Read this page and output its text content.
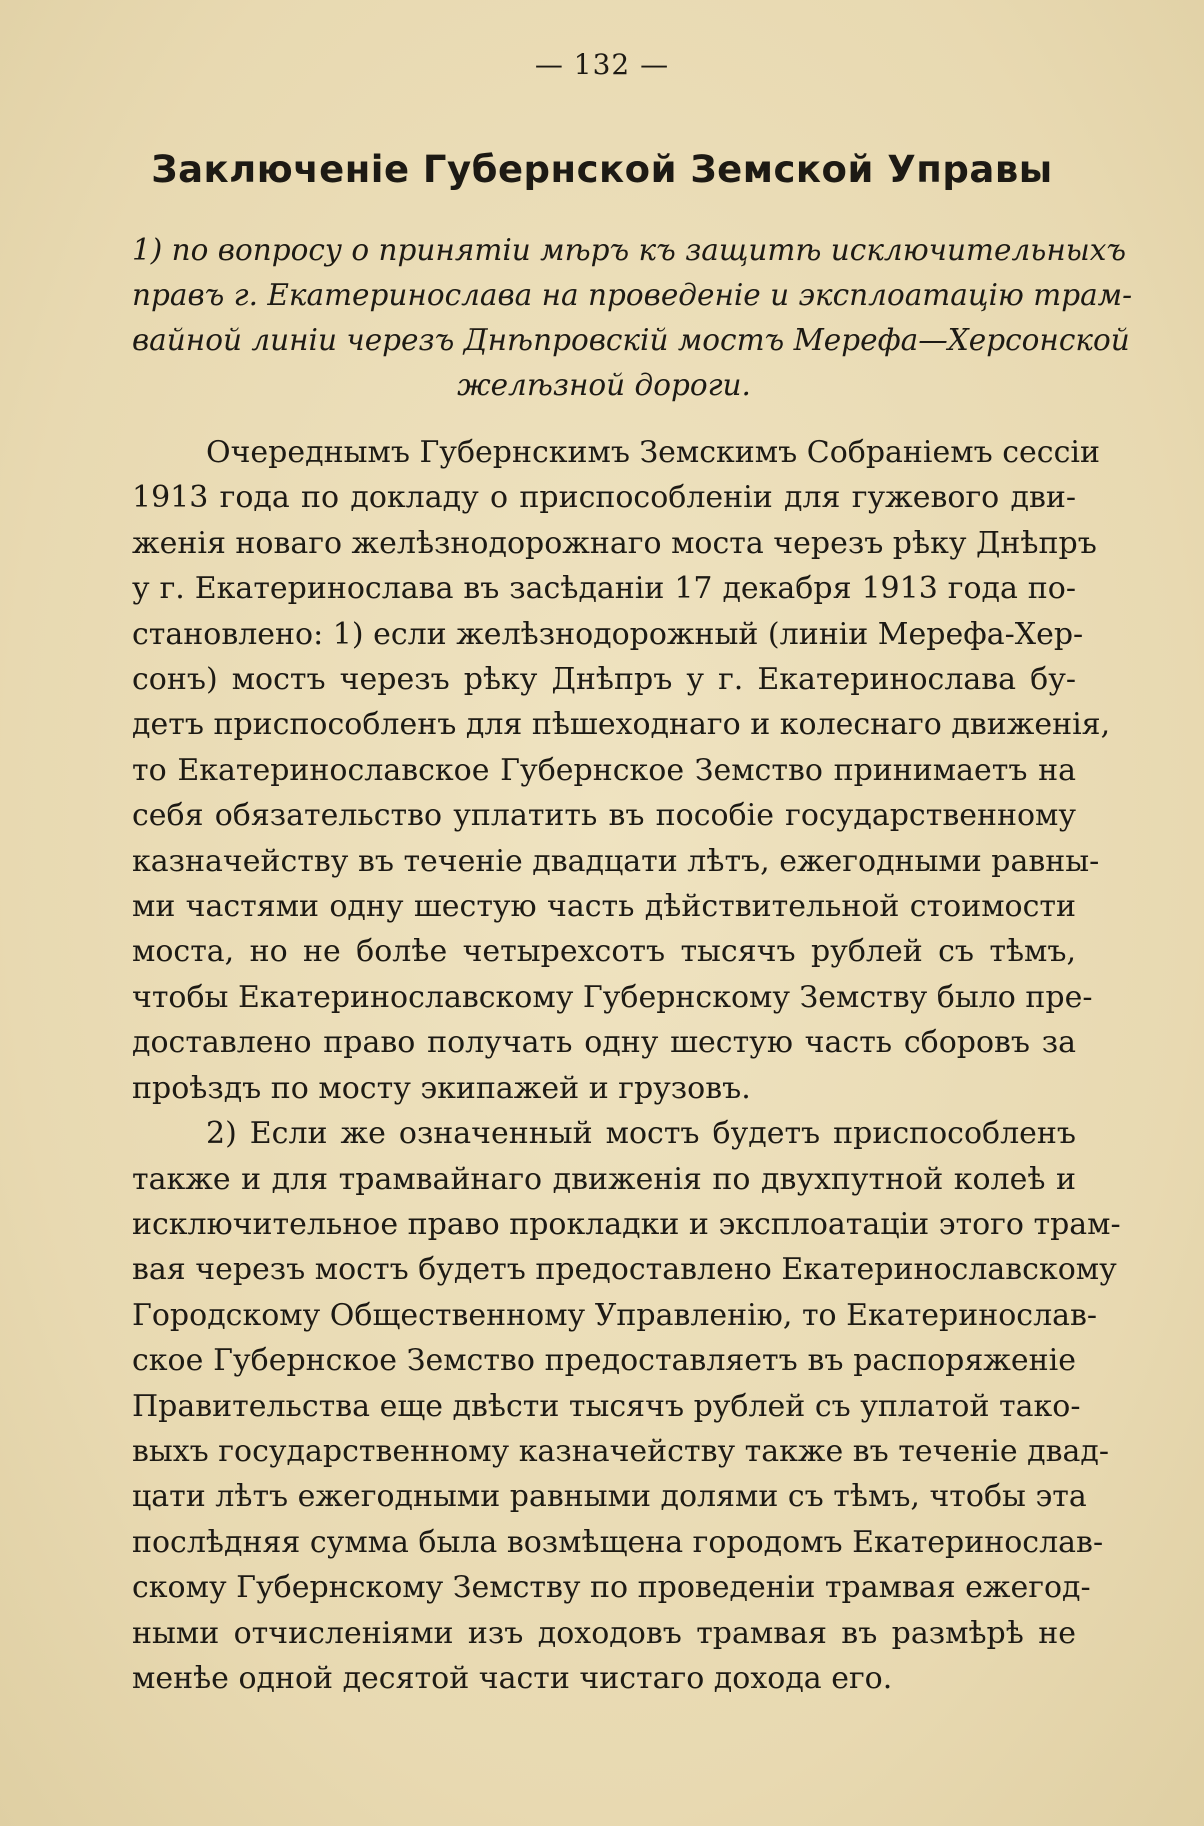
— 132 —
Заключеніе Губернской Земской Управы
1) по вопросу о принятіи мѣръ къ защитѣ исключительныхъ
правъ г. Екатеринослава на проведеніе и эксплоатацію трам-
вайной линіи черезъ Днѣпровскій мостъ Мерефа—Херсонской
желѣзной дороги.
Очереднымъ Губернскимъ Земскимъ Собраніемъ сессіи
1913 года по докладу о приспособленіи для гужевого дви-
женія новаго желѣзнодорожнаго моста черезъ рѣку Днѣпръ
у г. Екатеринослава въ засѣданіи 17 декабря 1913 года по-
становлено: 1) если желѣзнодорожный (линіи Мерефа-Хер-
сонъ) мостъ черезъ рѣку Днѣпръ у г. Екатеринослава бу-
детъ приспособленъ для пѣшеходнаго и колеснаго движенія,
то Екатеринославское Губернское Земство принимаетъ на
себя обязательство уплатить въ пособіе государственному
казначейству въ теченіе двадцати лѣтъ, ежегодными равны-
ми частями одну шестую часть дѣйствительной стоимости
моста, но не болѣе четырехсотъ тысячъ рублей съ тѣмъ,
чтобы Екатеринославскому Губернскому Земству было пре-
доставлено право получать одну шестую часть сборовъ за
проѣздъ по мосту экипажей и грузовъ.
2) Если же означенный мостъ будетъ приспособленъ
также и для трамвайнаго движенія по двухпутной колеѣ и
исключительное право прокладки и эксплоатаціи этого трам-
вая черезъ мостъ будетъ предоставлено Екатеринославскому
Городскому Общественному Управленію, то Екатеринослав-
ское Губернское Земство предоставляетъ въ распоряженіе
Правительства еще двѣсти тысячъ рублей съ уплатой тако-
выхъ государственному казначейству также въ теченіе двад-
цати лѣтъ ежегодными равными долями съ тѣмъ, чтобы эта
послѣдняя сумма была возмѣщена городомъ Екатеринослав-
скому Губернскому Земству по проведеніи трамвая ежегод-
ными отчисленіями изъ доходовъ трамвая въ размѣрѣ не
менѣе одной десятой части чистаго дохода его.
